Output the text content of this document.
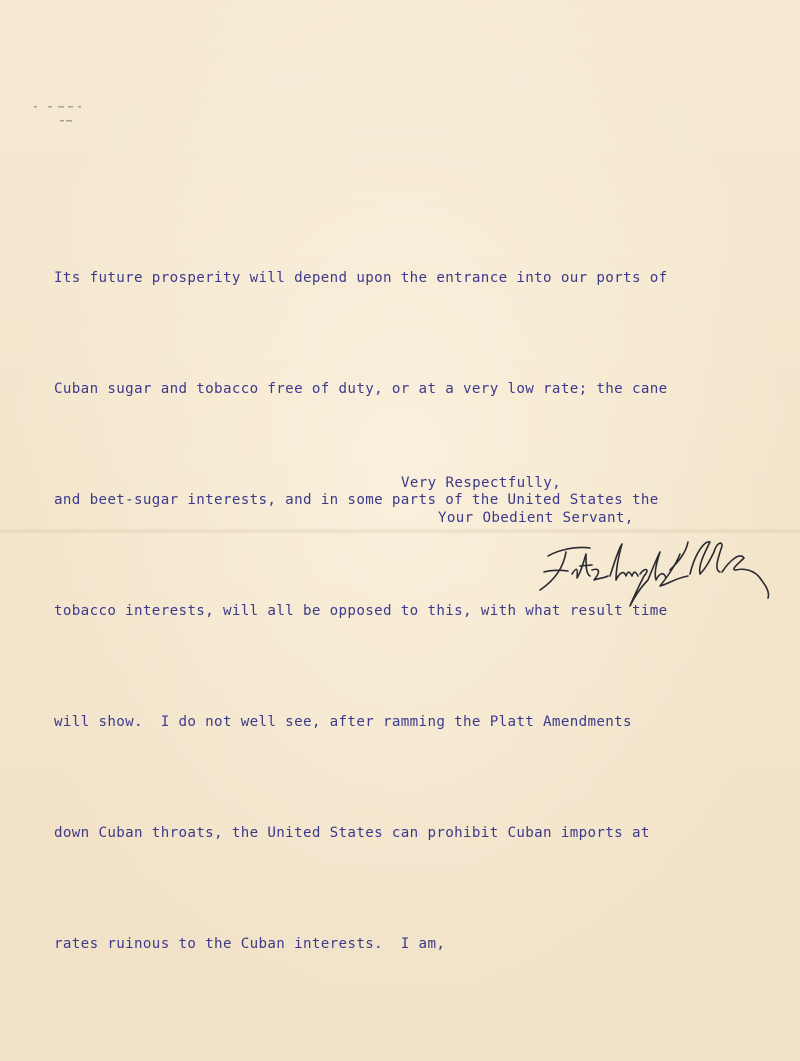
Its future prosperity will depend upon the entrance into our ports of

Cuban sugar and tobacco free of duty, or at a very low rate; the cane

and beet-sugar interests, and in some parts of the United States the

tobacco interests, will all be opposed to this, with what result time

will show.  I do not well see, after ramming the Platt Amendments

down Cuban throats, the United States can prohibit Cuban imports at

rates ruinous to the Cuban interests.  I am,

Very Respectfully,
Your Obedient Servant,
